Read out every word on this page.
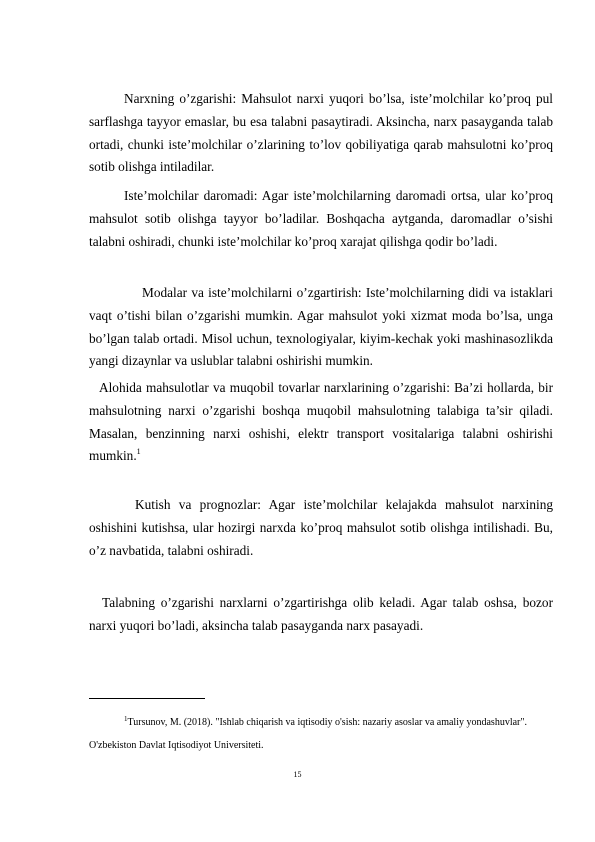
Narxning o’zgarishi: Mahsulot narxi yuqori bo’lsa, iste’molchilar ko’proq pul sarflashga tayyor emaslar, bu esa talabni pasaytiradi. Aksincha, narx pasayganda talab ortadi, chunki iste’molchilar o’zlarining to’lov qobiliyatiga qarab mahsulotni ko’proq sotib olishga intiladilar.

Iste’molchilar daromadi: Agar iste’molchilarning daromadi ortsa, ular ko’proq mahsulot sotib olishga tayyor bo’ladilar. Boshqacha aytganda, daromadlar o’sishi talabni oshiradi, chunki iste’molchilar ko’proq xarajat qilishga qodir bo’ladi.

Modalar va iste’molchilarni o’zgartirish: Iste’molchilarning didi va istaklari vaqt o’tishi bilan o’zgarishi mumkin. Agar mahsulot yoki xizmat moda bo’lsa, unga bo’lgan talab ortadi. Misol uchun, texnologiyalar, kiyim-kechak yoki mashinasozlikda yangi dizaynlar va uslublar talabni oshirishi mumkin.

Alohida mahsulotlar va muqobil tovarlar narxlarining o’zgarishi: Ba’zi hollarda, bir mahsulotning narxi o’zgarishi boshqa muqobil mahsulotning talabiga ta’sir qiladi. Masalan, benzinning narxi oshishi, elektr transport vositalariga talabni oshirishi mumkin.$^1$

Kutish va prognozlar: Agar iste’molchilar kelajakda mahsulot narxining oshishini kutishsa, ular hozirgi narxda ko’proq mahsulot sotib olishga intilishadi. Bu, o’z navbatida, talabni oshiradi.

Talabning o’zgarishi narxlarni o’zgartirishga olib keladi. Agar talab oshsa, bozor narxi yuqori bo’ladi, aksincha talab pasayganda narx pasayadi.

$^1$Tursunov, M. (2018). "Ishlab chiqarish va iqtisodiy o'sish: nazariy asoslar va amaliy yondashuvlar". O'zbekiston Davlat Iqtisodiyot Universiteti.

15
